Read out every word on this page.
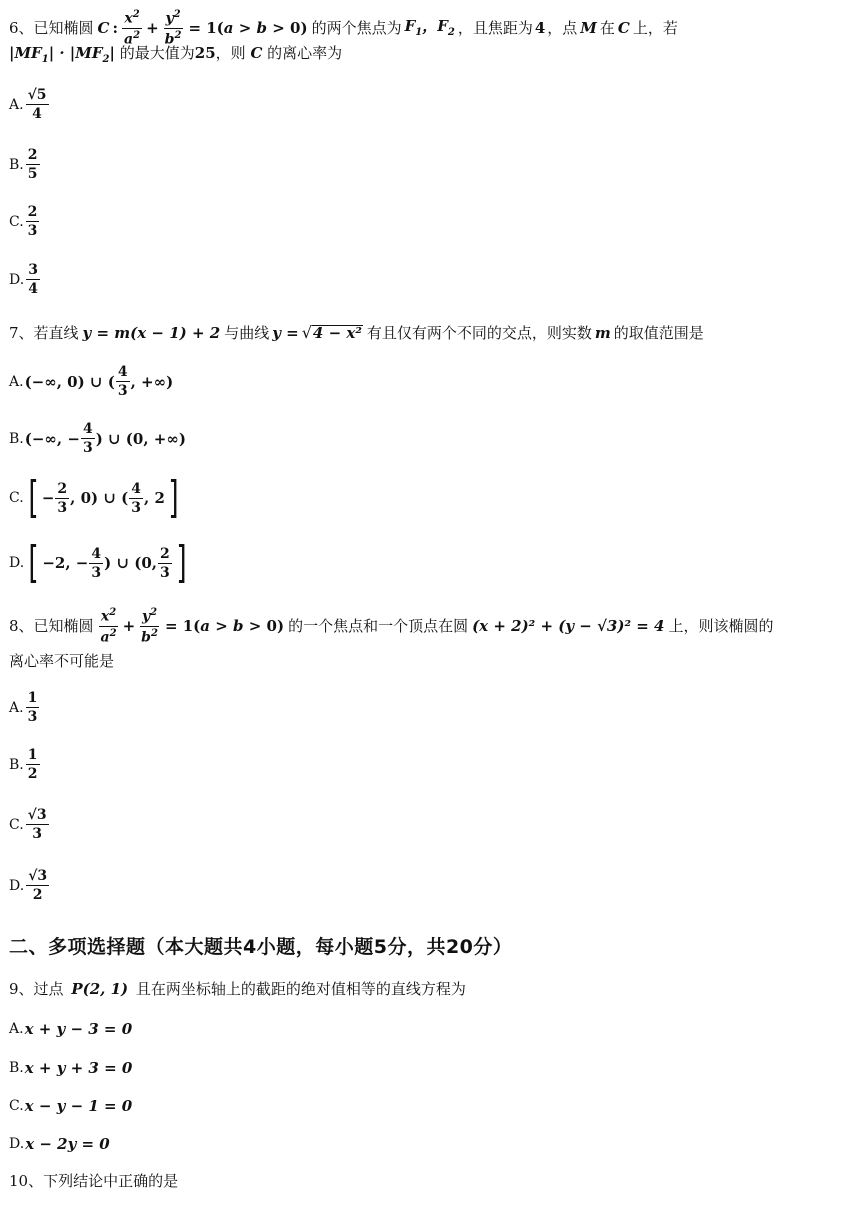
6、已知椭圆 C : $\frac{x^2}{a^2} + \frac{y^2}{b^2} = 1(a > b > 0)$ 的两个焦点为 $F_1$，$F_2$ ，且焦距为 4 ，点 M 在 C 上，若
$|MF_1| \cdot |MF_2|$ 的最大值为25，则 C 的离心率为
A. $\frac{√5}{4}$
B. $\frac{2}{5}$
C. $\frac{2}{3}$
D. $\frac{3}{4}$
7、若直线 y = m(x − 1) + 2 与曲线 y = √ 4 − x² 有且仅有两个不同的交点，则实数 m 的取值范围是
A. (−∞, 0) ∪ ( $\frac{4}{3}$ , +∞)
B. (−∞, − $\frac{4}{3}$ ) ∪ (0, +∞)
C. [ − $\frac{2}{3}$ , 0) ∪ ( $\frac{4}{3}$ , 2 ]
D. [ −2, − $\frac{4}{3}$ ) ∪ (0, $\frac{2}{3}$ ]
8、已知椭圆 $\frac{x^2}{a^2} + \frac{y^2}{b^2} = 1(a > b > 0)$ 的一个焦点和一个顶点在圆 (x + 2)² + (y − √3)² = 4 上，则该椭圆的
离心率不可能是
A. $\frac{1}{3}$
B. $\frac{1}{2}$
C. $\frac{√3}{3}$
D. $\frac{√3}{2}$
二、多项选择题（本大题共4小题，每小题5分，共20分）
9、过点 P(2, 1) 且在两坐标轴上的截距的绝对值相等的直线方程为
A. x + y − 3 = 0
B. x + y + 3 = 0
C. x − y − 1 = 0
D. x − 2y = 0
10、下列结论中正确的是
